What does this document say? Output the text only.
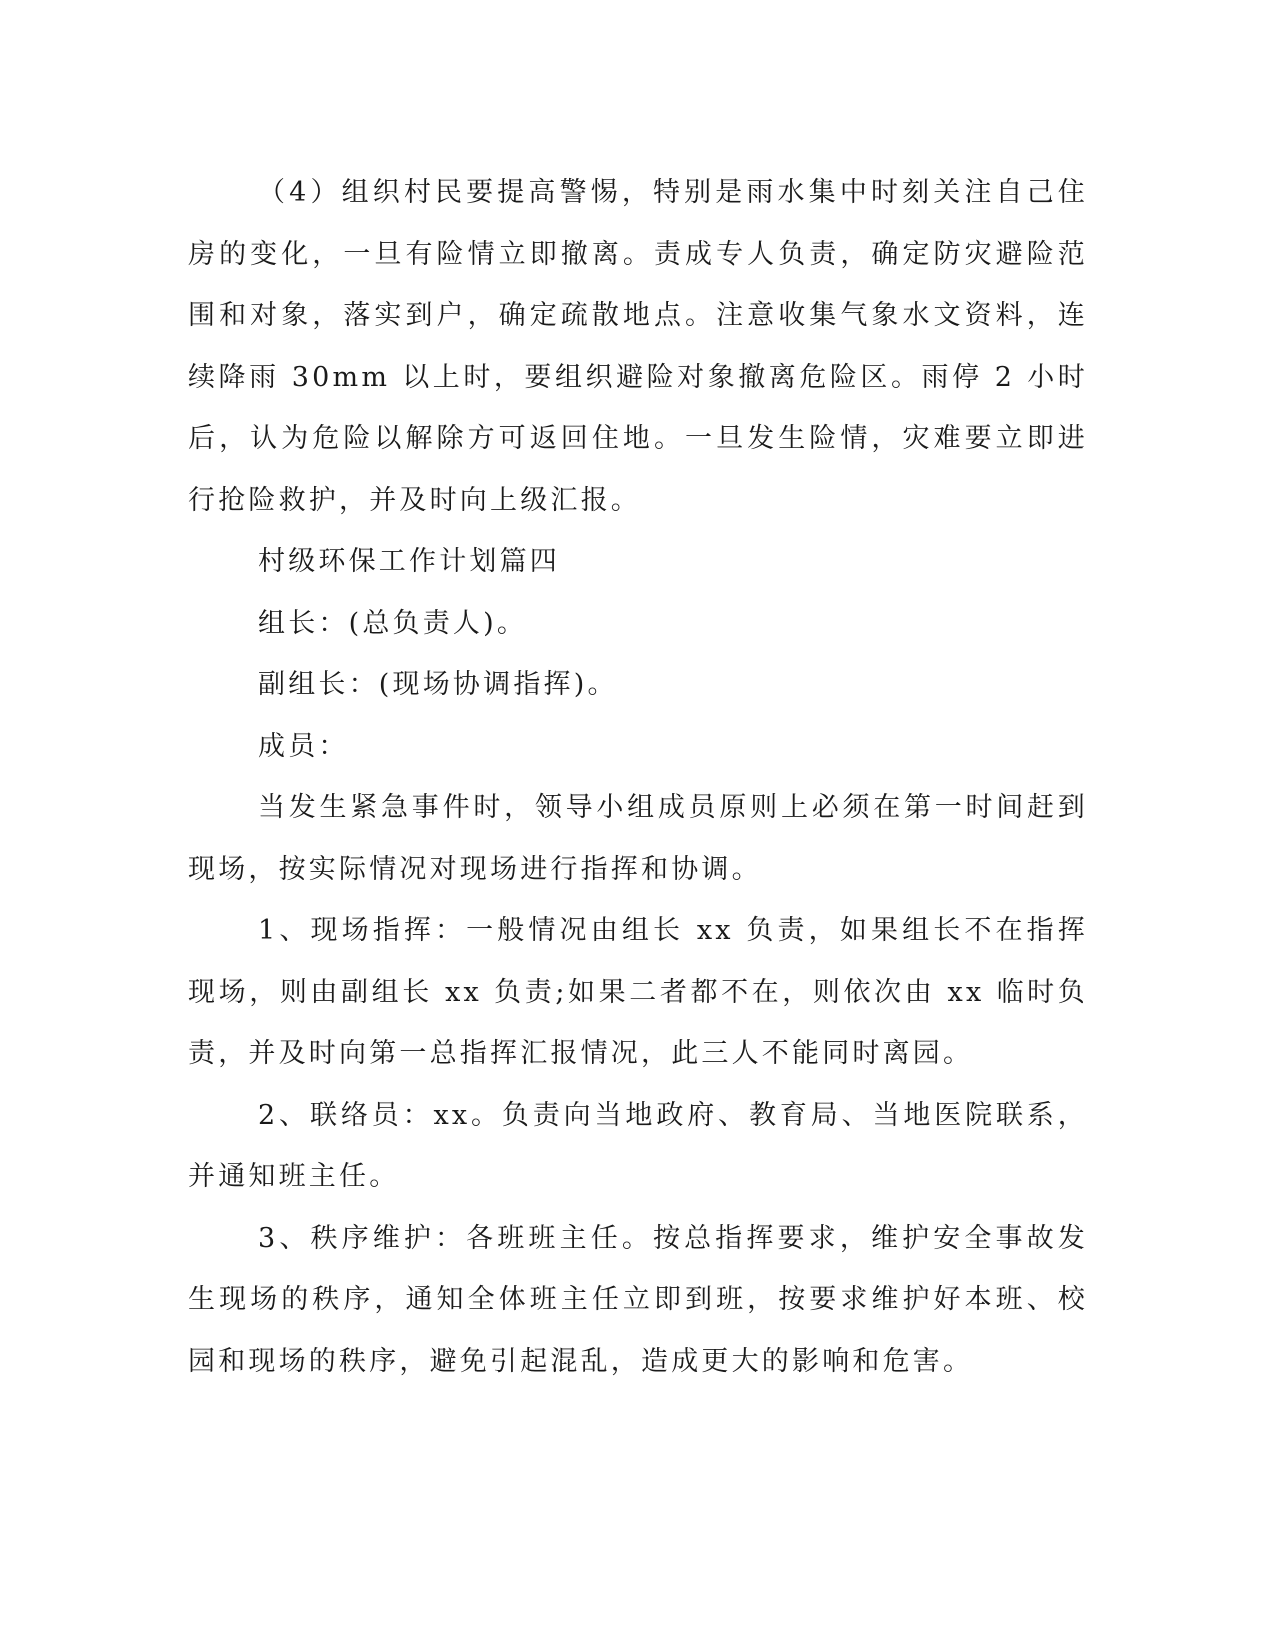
（4）组织村民要提高警惕，特别是雨水集中时刻关注自己住房的变化，一旦有险情立即撤离。责成专人负责，确定防灾避险范围和对象，落实到户，确定疏散地点。注意收集气象水文资料，连续降雨 30mm 以上时，要组织避险对象撤离危险区。雨停 2 小时后，认为危险以解除方可返回住地。一旦发生险情，灾难要立即进行抢险救护，并及时向上级汇报。

村级环保工作计划篇四

组长：(总负责人)。

副组长：(现场协调指挥)。

成员：

当发生紧急事件时，领导小组成员原则上必须在第一时间赶到现场，按实际情况对现场进行指挥和协调。

1、现场指挥：一般情况由组长 xx 负责，如果组长不在指挥现场，则由副组长 xx 负责;如果二者都不在，则依次由 xx 临时负责，并及时向第一总指挥汇报情况，此三人不能同时离园。

2、联络员：xx。负责向当地政府、教育局、当地医院联系，并通知班主任。

3、秩序维护：各班班主任。按总指挥要求，维护安全事故发生现场的秩序，通知全体班主任立即到班，按要求维护好本班、校园和现场的秩序，避免引起混乱，造成更大的影响和危害。
